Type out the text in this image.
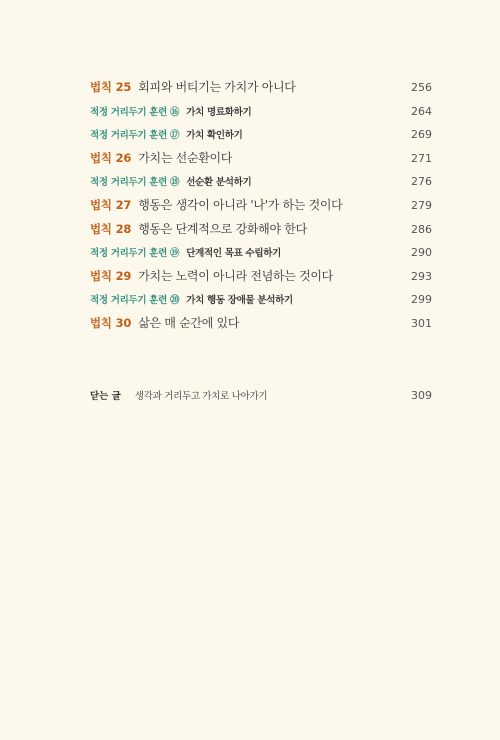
법칙 25 회피와 버티기는 가치가 아니다	256
적정 거리두기 훈련 ⑯ 가치 명료화하기	264
적정 거리두기 훈련 ⑰ 가치 확인하기	269
법칙 26 가치는 선순환이다	271
적정 거리두기 훈련 ⑱ 선순환 분석하기	276
법칙 27 행동은 생각이 아니라 '나'가 하는 것이다	279
법칙 28 행동은 단계적으로 강화해야 한다	286
적정 거리두기 훈련 ⑲ 단계적인 목표 수립하기	290
법칙 29 가치는 노력이 아니라 전념하는 것이다	293
적정 거리두기 훈련 ⑳ 가치 행동 장애물 분석하기	299
법칙 30 삶은 매 순간에 있다	301
닫는 글 생각과 거리두고 가치로 나아가기	309
